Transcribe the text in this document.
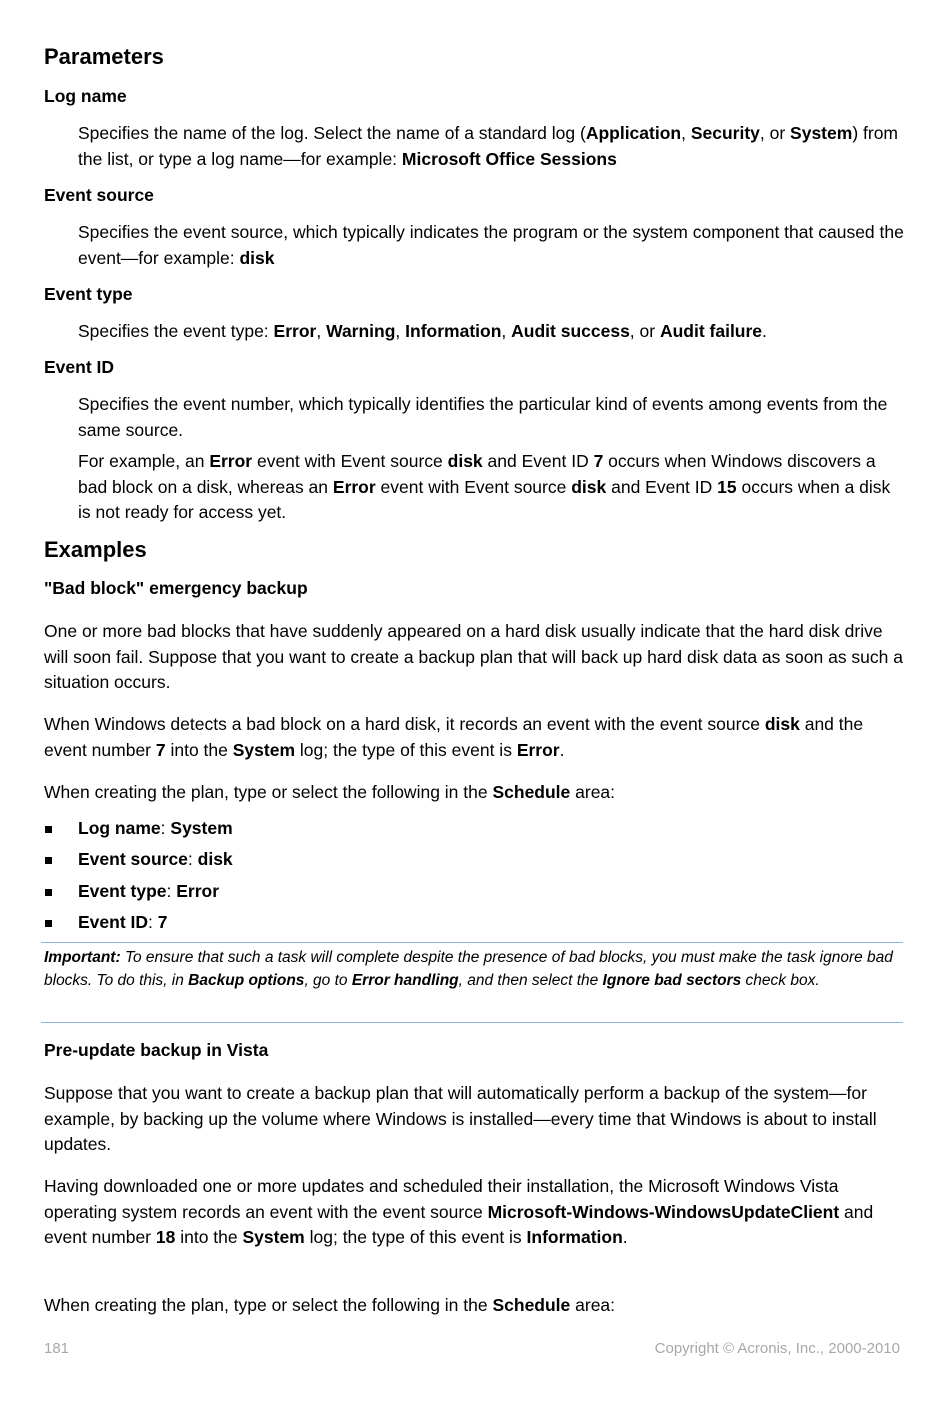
Parameters
Log name

Specifies the name of the log. Select the name of a standard log (Application, Security, or System) from the list, or type a log name—for example: Microsoft Office Sessions

Event source

Specifies the event source, which typically indicates the program or the system component that caused the event—for example: disk

Event type

Specifies the event type: Error, Warning, Information, Audit success, or Audit failure.

Event ID

Specifies the event number, which typically identifies the particular kind of events among events from the same source.

For example, an Error event with Event source disk and Event ID 7 occurs when Windows discovers a bad block on a disk, whereas an Error event with Event source disk and Event ID 15 occurs when a disk is not ready for access yet.

Examples
"Bad block" emergency backup

One or more bad blocks that have suddenly appeared on a hard disk usually indicate that the hard disk drive will soon fail. Suppose that you want to create a backup plan that will back up hard disk data as soon as such a situation occurs.

When Windows detects a bad block on a hard disk, it records an event with the event source disk and the event number 7 into the System log; the type of this event is Error.

When creating the plan, type or select the following in the Schedule area:

Log name: System
Event source: disk
Event type: Error
Event ID: 7

Important: To ensure that such a task will complete despite the presence of bad blocks, you must make the task ignore bad blocks. To do this, in Backup options, go to Error handling, and then select the Ignore bad sectors check box.

Pre-update backup in Vista

Suppose that you want to create a backup plan that will automatically perform a backup of the system—for example, by backing up the volume where Windows is installed—every time that Windows is about to install updates.

Having downloaded one or more updates and scheduled their installation, the Microsoft Windows Vista operating system records an event with the event source Microsoft-Windows-WindowsUpdateClient and event number 18 into the System log; the type of this event is Information.

When creating the plan, type or select the following in the Schedule area:

181	Copyright © Acronis, Inc., 2000-2010
